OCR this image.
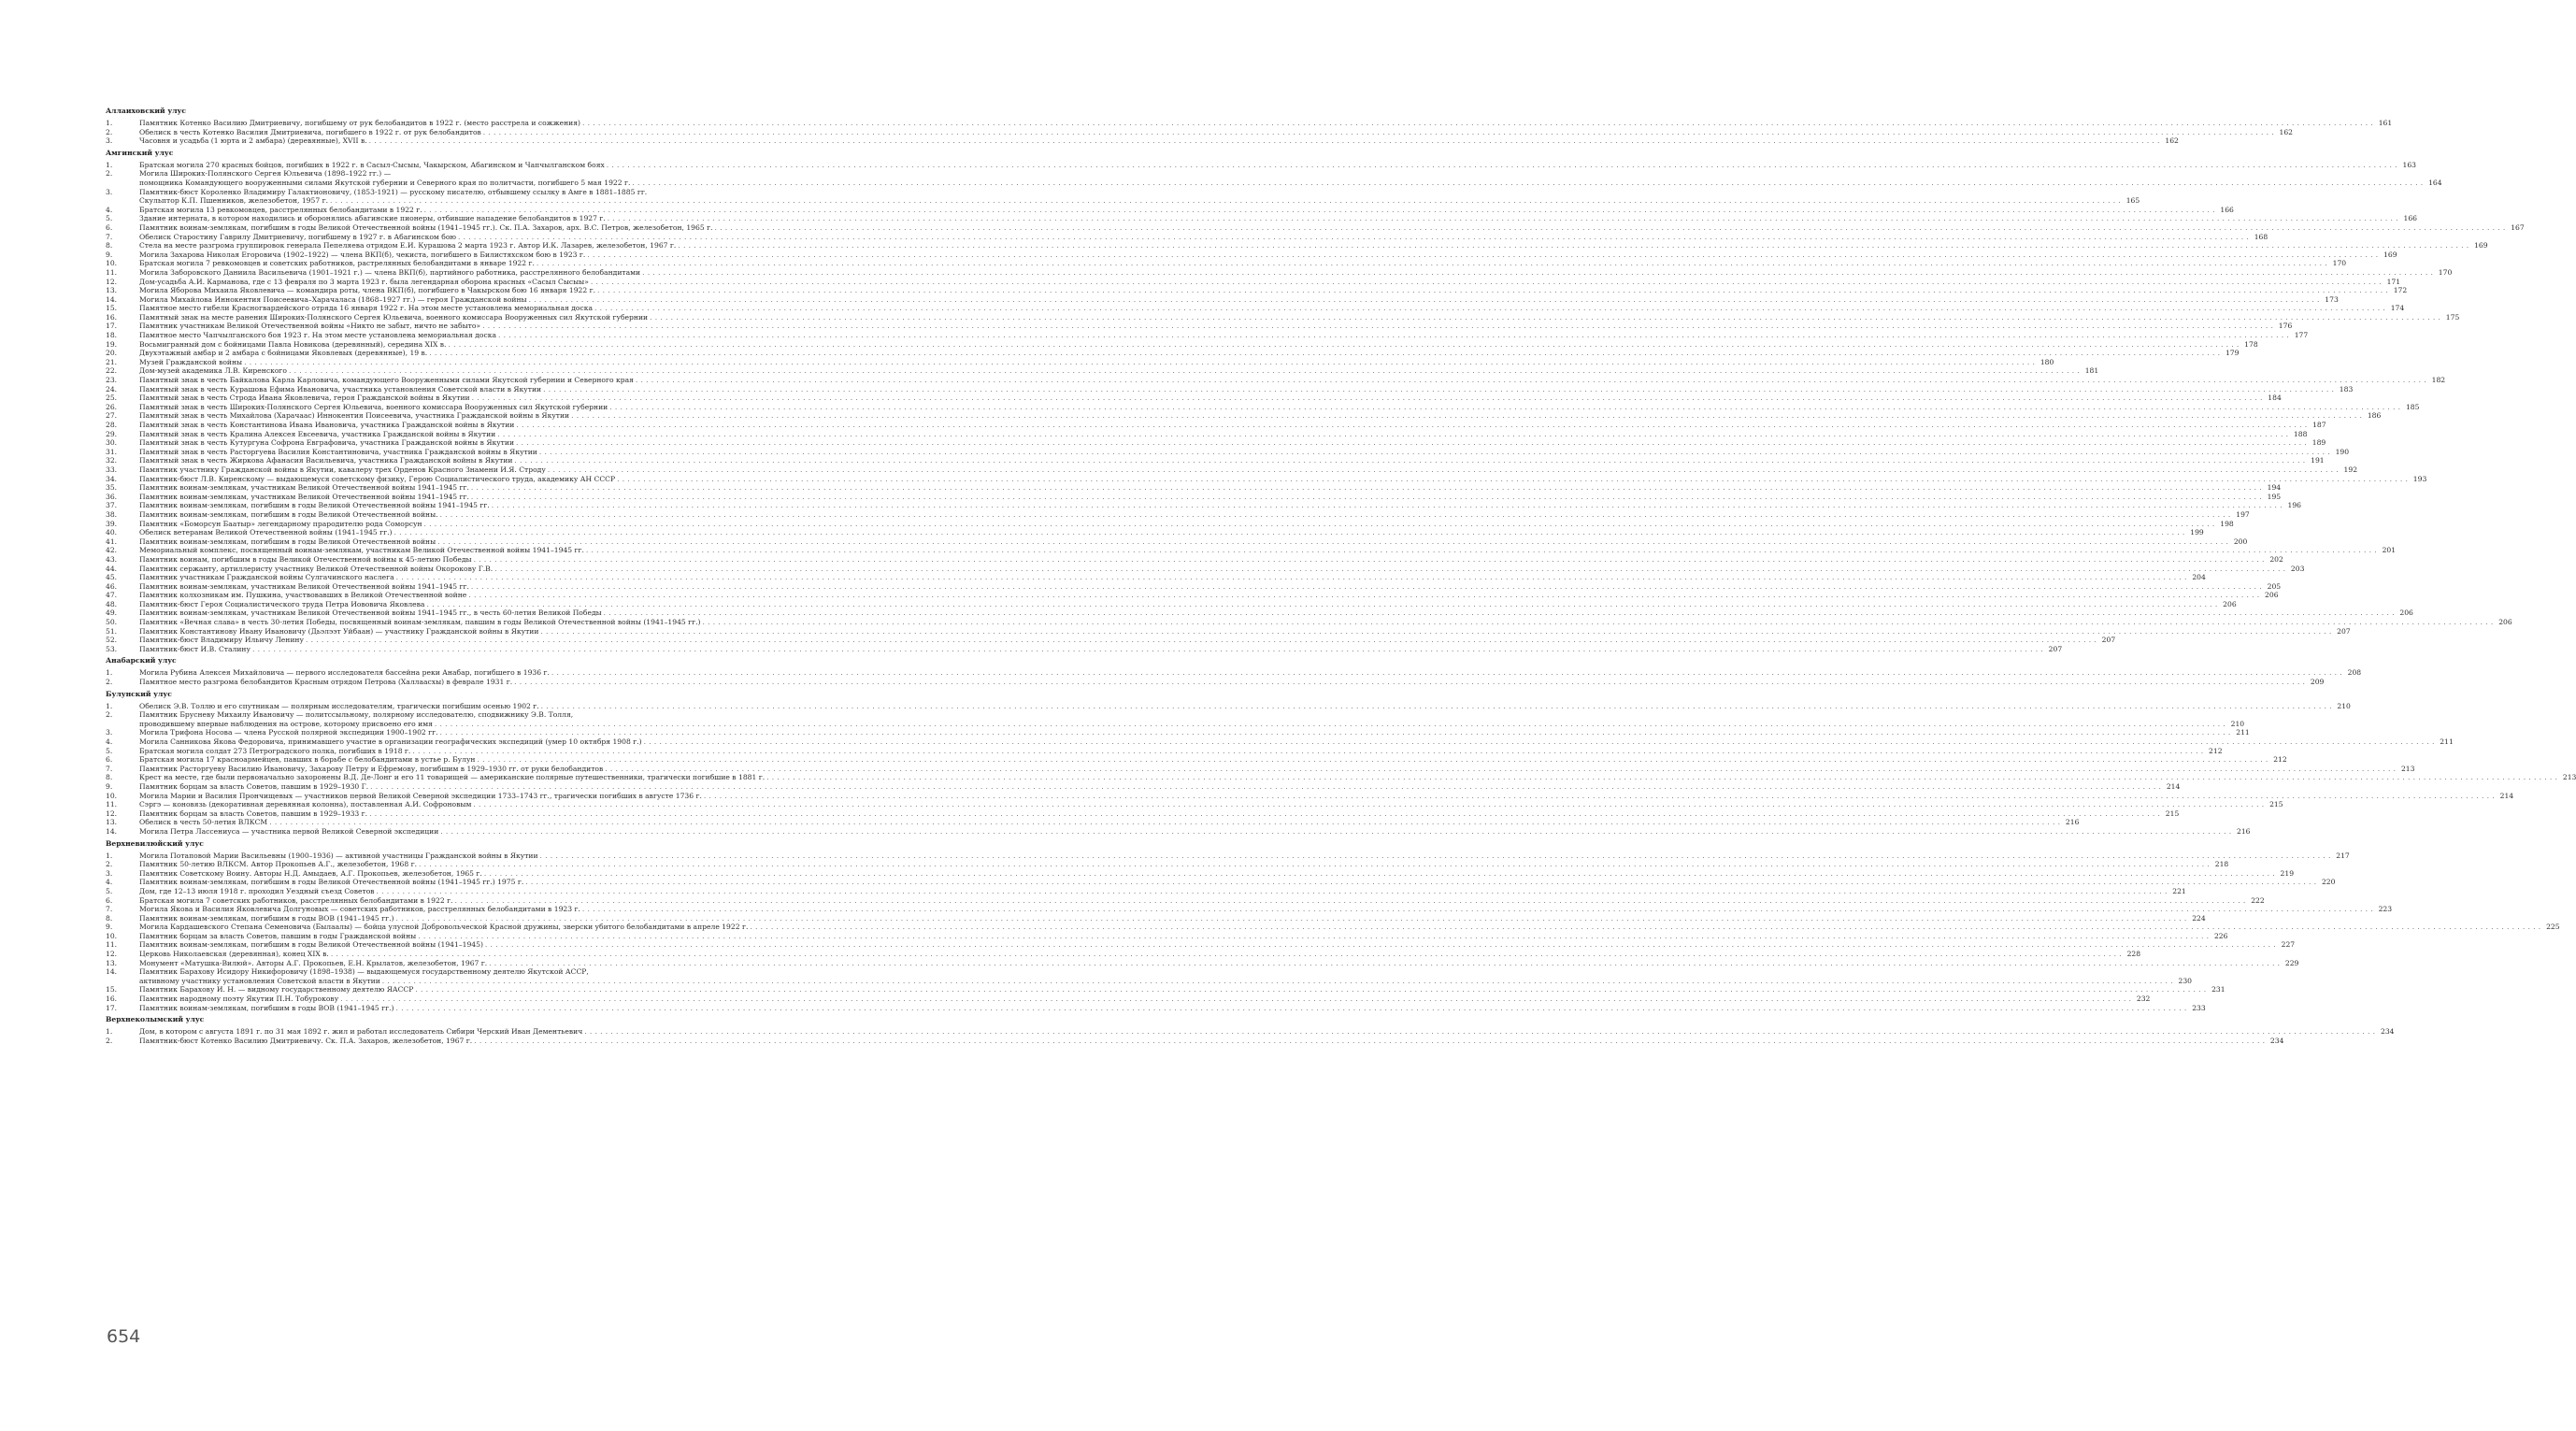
Аллаиховский улус
1.	Памятник Котенко Василию Дмитриевичу, погибшему от рук белобандитов в 1922 г. (место расстрела и сожжения) . . .	161
2.	Обелиск в честь Котенко Василия Дмитриевича, погибшего в 1922 г. от рук белобандитов . . .	162
3.	Часовня и усадьба (1 юрта и 2 амбара) (деревянные), XVII в. . . .	162
Амгинский улус
1.	Братская могила 270 красных бойцов, погибших в 1922 г. в Сасыл-Сысыы, Чакырском, Абагинском и Чапчылганском боях . . .	163
2.	Могила Широких-Полянского Сергея Юльевича (1898–1922 гг.) —
помощника Командующего вооруженными силами Якутской губернии и Северного края по политчасти, погибшего 5 мая 1922 г. . . .	164
3.	Памятник-бюст Короленко Владимиру Галактионовичу, (1853-1921) — русскому писателю, отбывшему ссылку в Амге в 1881–1885 гг.
Скульптор К.П. Пшенников, железобетон, 1957 г. . . .	165
4.	Братская могила 13 ревкомовцев, расстрелянных белобандитами в 1922 г. . . .	166
5.	Здание интерната, в котором находились и оборонялись абагинские пионеры, отбившие нападение белобандитов в 1927 г. . . .	166
6.	Памятник воинам-землякам, погибшим в годы Великой Отечественной войны (1941–1945 гг.). Ск. П.А. Захаров, арх. В.С. Петров, железобетон, 1965 г. . . .	167
7.	Обелиск Старостину Гаврилу Дмитриевичу, погибшему в 1927 г. в Абагинском бою . . .	168
8.	Стела на месте разгрома группировок генерала Пепеляева отрядом Е.И. Курашова 2 марта 1923 г. Автор И.К. Лазарев, железобетон, 1967 г. . . .	169
9.	Могила Захарова Николая Егоровича (1902–1922) — члена ВКП(б), чекиста, погибшего в Билистяхском бою в 1923 г. . . .	169
10.	Братская могила 7 ревкомовцев и советских работников, растрелянных белобандитами в январе 1922 г. . . .	170
11.	Могила Заборовского Даниила Васильевича (1901–1921 г.) — члена ВКП(б), партийного работника, расстрелянного белобандитами . . .	170
12.	Дом-усадьба А.И. Кармановa, где с 13 февраля по 3 марта 1923 г. была легендарная оборона красных «Сасыл Сысыы» . . .	171
13.	Могила Яборова Михаила Яковлевича — командира роты, члена ВКП(б), погибшего в Чакырском бою 16 января 1922 г. . . .	172
14.	Могила Михайлова Иннокентия Поисеевича–Харачаласа (1868–1927 гг.) — героя Гражданской войны . . .	173
15.	Памятное место гибели Красногвардейского отряда 16 января 1922 г. На этом месте установлена мемориальная доска . . .	174
16.	Памятный знак на месте ранения Широких-Полянского Сергея Юльевича, военного комиссара Вооруженных сил Якутской губернии . . .	175
17.	Памятник участникам Великой Отечественной войны «Никто не забыт, ничто не забыто» . . .	176
18.	Памятное место Чапчылганского боя 1923 г. На этом месте установлена мемориальная доска . . .	177
19.	Восьмигранный дом с бойницами Павла Новикова (деревянный), середина XIX в. . . .	178
20.	Двухэтажный амбар и 2 амбара с бойницами Яковлевых (деревянные), 19 в. . . .	179
21.	Музей Гражданской войны . . .	180
22.	Дом-музей академика Л.В. Киренского . . .	181
23.	Памятный знак в честь Байкалова Карла Карловича, командующего Вооруженными силами Якутской губернии и Северного края . . .	182
24.	Памятный знак в честь Курашова Ефима Ивановича, участника установления Советской власти в Якутии . . .	183
25.	Памятный знак в честь Строда Ивана Яковлевича, героя Гражданской войны в Якутии . . .	184
26.	Памятный знак в честь Широких-Полянского Сергея Юльевича, военного комиссара Вооруженных сил Якутской губернии . . .	185
27.	Памятный знак в честь Михайлова (Харачаас) Иннокентия Поисеевича, участника Гражданской войны в Якутии . . .	186
28.	Памятный знак в честь Константинова Ивана Ивановича, участника Гражданской войны в Якутии . . .	187
29.	Памятный знак в честь Кралина Алексея Евсеевича, участника Гражданской войны в Якутии . . .	188
30.	Памятный знак в честь Кутургуна Софрона Евграфовича, участника Гражданской войны в Якутии . . .	189
31.	Памятный знак в честь Расторгуева Василия Константиновича, участника Гражданской войны в Якутии . . .	190
32.	Памятный знак в честь Жиркова Афанасия Васильевича, участника Гражданской войны в Якутии . . .	191
33.	Памятник участнику Гражданской войны в Якутии, кавалеру трех Орденов Красного Знамени И.Я. Строду . . .	192
34.	Памятник-бюст Л.В. Киренскому — выдающемуся советскому физику, Герою Социалистического труда, академику АН СССР . . .	193
35.	Памятник воинам-землякам, участникам Великой Отечественной войны 1941–1945 гг. . . .	194
36.	Памятник воинам-землякам, участникам Великой Отечественной войны 1941–1945 гг. . . .	195
37.	Памятник воинам-землякам, погибшим в годы Великой Отечественной войны 1941–1945 гг. . . .	196
38.	Памятник воинам-землякам, погибшим в годы Великой Отечественной войны. . . .	197
39.	Памятник «Боморсун Баатыр» легендарному прародителю рода Соморсун . . .	198
40.	Обелиск ветеранам Великой Отечественной войны (1941–1945 гг.) . . .	199
41.	Памятник воинам-землякам, погибшим в годы Великой Отечественной войны . . .	200
42.	Мемориальный комплекс, посвященный воинам-землякам, участникам Великой Отечественной войны 1941–1945 гг. . . .	201
43.	Памятник воинам, погибшим в годы Великой Отечественной войны к 45-летию Победы . . .	202
44.	Памятник сержанту, артиллеристу участнику Великой Отечественной войны Окорокову Г.В. . . .	203
45.	Памятник участникам Гражданской войны Сулгачинского наслега . . .	204
46.	Памятник воинам-землякам, участникам Великой Отечественной войны 1941–1945 гг. . . .	205
47.	Памятник колхозникам им. Пушкина, участвовавших в Великой Отечественной войне . . .	206
48.	Памятник-бюст Героя Социалистического труда Петра Иововича Яковлева . . .	206
49.	Памятник воинам-землякам, участникам Великой Отечественной войны 1941–1945 гг., в честь 60-летия Великой Победы . . .	206
50.	Памятник «Вечная слава» в честь 30-летия Победы, посвященный воинам-землякам, павшим в годы Великой Отечественной войны (1941–1945 гг.) . . .	206
51.	Памятник Константинову Ивану Ивановичу (Дьэлээт Уйбаан) — участнику Гражданской войны в Якутии . . .	207
52.	Памятник-бюст Владимиру Ильичу Ленину . . .	207
53.	Памятник-бюст И.В. Сталину . . .	207
Анабарский улус
1.	Могила Рубина Алексея Михайловича — первого исследователя бассейна реки Анабар, погибшего в 1936 г. . . .	208
2.	Памятное место разгрома белобандитов Красным отрядом Петрова (Халлаасхы) в феврале 1931 г. . . .	209
Булунский улус
1.	Обелиск Э.В. Толлю и его спутникам — полярным исследователям, трагически погибшим осенью 1902 г. . . .	210
2.	Памятник Брусневу Михаилу Ивановичу — политссыльному, полярному исследователю, сподвижнику Э.В. Толля,
проводившему впервые наблюдения на острове, которому присвоено его имя . . .	210
3.	Могила Трифона Носова — члена Русской полярной экспедиции 1900–1902 гг. . . .	211
4.	Могила Санникова Якова Федоровича, принимавшего участие в организации географических экспедиций (умер 10 октября 1908 г.) . . .	211
5.	Братская могила солдат 273 Петроградского полка, погибших в 1918 г. . . .	212
6.	Братская могила 17 красноармейцев, павших в борьбе с белобандитами в устье р. Булун . . .	212
7.	Памятник Расторгуеву Василию Ивановичу, Захарову Петру и Ефремову, погибшим в 1929–1930 гг. от руки белобандитов . . .	213
8.	Крест на месте, где были первоначально захоронены В.Д. Де-Лонг и его 11 товарищей — американские полярные путешественники, трагически погибшие в 1881 г. . . .	213
9.	Памятник борцам за власть Советов, павшим в 1929–1930 Г. . . .	214
10.	Могила Марии и Василия Прончищевых — участников первой Великой Северной экспедиции 1733–1743 гг., трагически погибших в августе 1736 г. . . .	214
11.	Сэргэ — коновязь (декоративная деревянная колонна), поставленная А.И. Софроновым . . .	215
12.	Памятник борцам за власть Советов, павшим в 1929–1933 г. . . .	215
13.	Обелиск в честь 50-летия ВЛКСМ . . .	216
14.	Могила Петра Лассениуса — участника первой Великой Северной экспедиции . . .	216
Верхневилюйский улус
1.	Могила Потаповой Марии Васильевны (1900–1936) — активной участницы Гражданской войны в Якутии . . .	217
2.	Памятник 50-летию ВЛКСМ. Автор Прокопьев А.Г., железобетон, 1968 г. . . .	218
3.	Памятник Советскому Воину. Авторы Н.Д. Амыдаев, А.Г. Прокопьев, железобетон, 1965 г. . . .	219
4.	Памятник воинам-землякам, погибшим в годы Великой Отечественной войны (1941–1945 гг.) 1975 г. . . .	220
5.	Дом, где 12–13 июля 1918 г. проходил Уездный съезд Советов . . .	221
6.	Братская могила 7 советских работников, расстрелянных белобандитами в 1922 г. . . .	222
7.	Могила Якова и Василия Яковлевича Долгуновых — советских работников, расстрелянных белобандитами в 1923 г. . . .	223
8.	Памятник воинам-землякам, погибшим в годы ВОВ (1941–1945 гг.) . . .	224
9.	Могила Кардашевского Степана Семеновича (Былаалы) — бойца улусной Добровольческой Красной дружины, зверски убитого белобандитами в апреле 1922 г. . . .	225
10.	Памятник борцам за власть Советов, павшим в годы Гражданской войны . . .	226
11.	Памятник воинам-землякам, погибшим в годы Великой Отечественной войны (1941–1945) . . .	227
12.	Церковь Николаевская (деревянная), конец XIX в. . . .	228
13.	Монумент «Матушка-Вилюй». Авторы А.Г. Прокопьев, Е.Н. Крылатов, железобетон, 1967 г. . . .	229
14.	Памятник Барахову Исидору Никифоровичу (1898–1938) — выдающемуся государственному деятелю Якутской АССР,
активному участнику установления Советской власти в Якутии . . .	230
15.	Памятник Барахову И. Н. — видному государственному деятелю ЯАССР . . .	231
16.	Памятник народному поэту Якутии П.Н. Тобурокову . . .	232
17.	Памятник воинам-землякам, погибшим в годы ВОВ (1941–1945 гг.) . . .	233
Верхнеколымский улус
1.	Дом, в котором с августа 1891 г. по 31 мая 1892 г. жил и работал исследователь Сибири Черский Иван Дементьевич . . .	234
2.	Памятник-бюст Котенко Василию Дмитриевичу. Ск. П.А. Захаров, железобетон, 1967 г. . . .	234
654
